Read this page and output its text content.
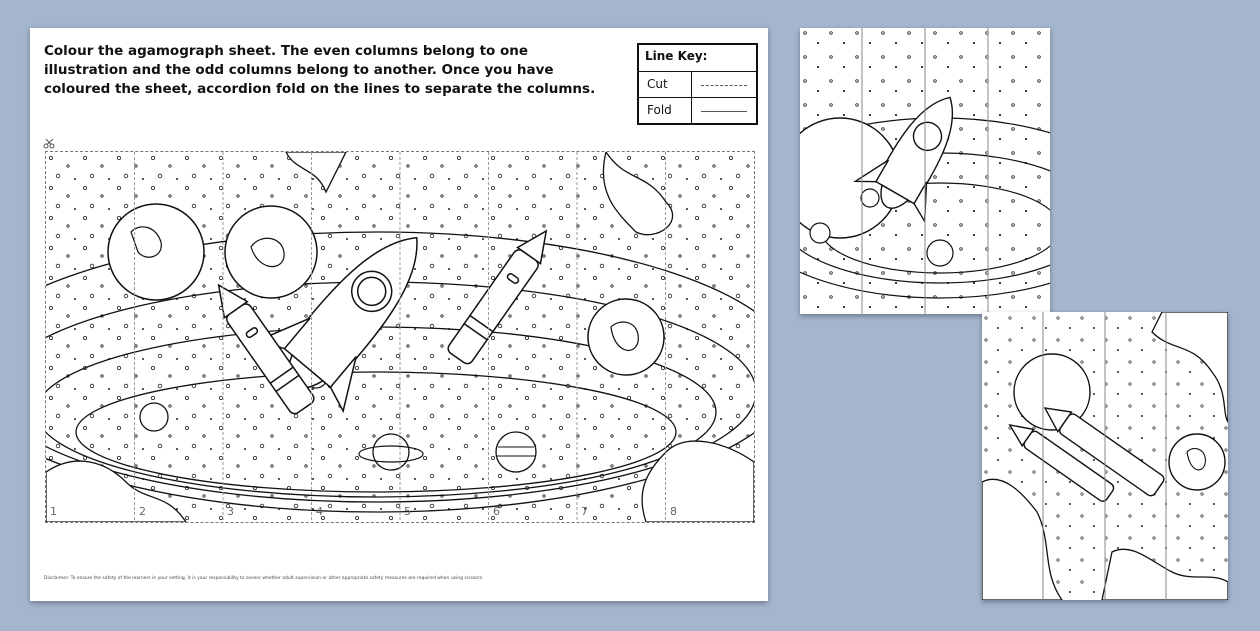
Colour the agamograph sheet. The even columns belong to one illustration and the odd columns belong to another. Once you have coloured the sheet, accordion fold on the lines to separate the columns.
Line Key:
Cut
Fold
1	2	3	4	5	6	7	8
Disclaimer: To ensure the safety of the learners in your setting, it is your responsibility to assess whether adult supervision or other appropriate safety measures are required when using scissors.
